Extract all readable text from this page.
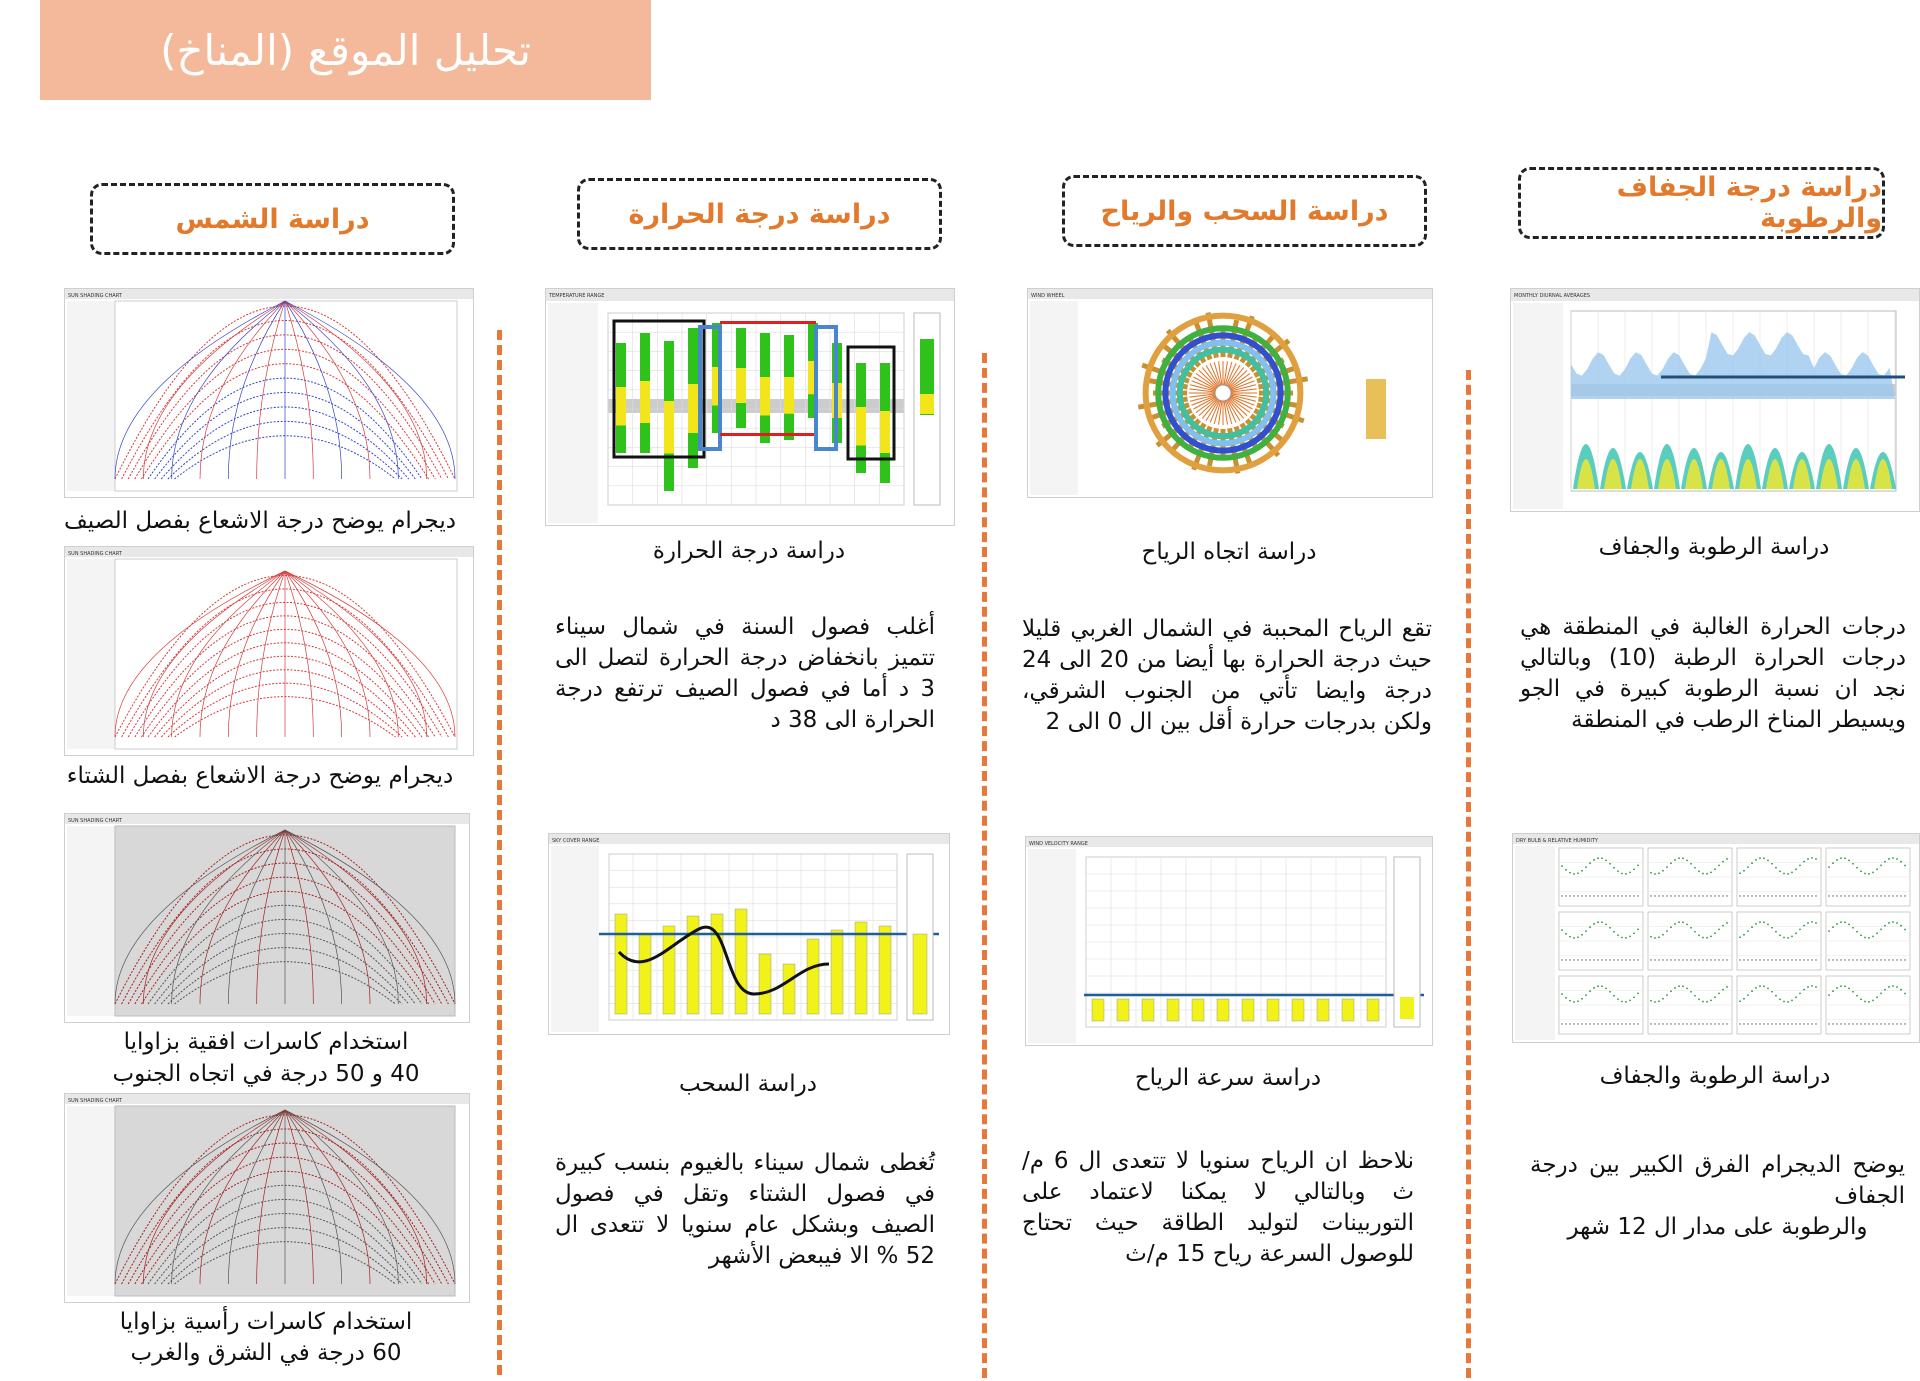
تحليل الموقع (المناخ)
دراسة الشمس	دراسة درجة الحرارة	دراسة السحب والرياح
دراسة درجة الجفاف والرطوبة
SUN SHADING CHART
ديجرام يوضح درجة الاشعاع بفصل الصيف
SUN SHADING CHART
ديجرام يوضح درجة الاشعاع بفصل الشتاء
SUN SHADING CHART
استخدام كاسرات افقية بزاوايا
40 و 50 درجة في اتجاه الجنوب
SUN SHADING CHART
استخدام كاسرات رأسية بزاوايا
60 درجة في الشرق والغرب
TEMPERATURE RANGE
دراسة درجة الحرارة
أغلب فصول السنة في شمال سيناء تتميز بانخفاض درجة الحرارة لتصل الى 3 د أما في فصول الصيف ترتفع درجة الحرارة الى 38 د
SKY COVER RANGE
دراسة السحب
تُغطى شمال سيناء بالغيوم بنسب كبيرة في فصول الشتاء وتقل في فصول الصيف وبشكل عام سنويا لا تتعدى ال 52 % الا فيبعض الأشهر
WIND WHEEL
دراسة اتجاه الرياح
تقع الرياح المحببة في الشمال الغربي قليلا حيث درجة الحرارة بها أيضا من 20 الى 24 درجة وايضا تأتي من الجنوب الشرقي، ولكن بدرجات حرارة أقل بين ال 0 الى 2
WIND VELOCITY RANGE
دراسة سرعة الرياح
نلاحظ ان الرياح سنويا لا تتعدى ال 6 م/ث وبالتالي لا يمكنا لاعتماد على التوربينات لتوليد الطاقة حيث تحتاج للوصول السرعة رياح 15 م/ث
MONTHLY DIURNAL AVERAGES
دراسة الرطوبة والجفاف
درجات الحرارة الغالبة في المنطقة هي درجات الحرارة الرطبة (10) وبالتالي نجد ان نسبة الرطوبة كبيرة في الجو ويسيطر المناخ الرطب في المنطقة
DRY BULB & RELATIVE HUMIDITY
دراسة الرطوبة والجفاف
يوضح الديجرام الفرق الكبير بين درجة الجفاف
والرطوبة على مدار ال 12 شهر
